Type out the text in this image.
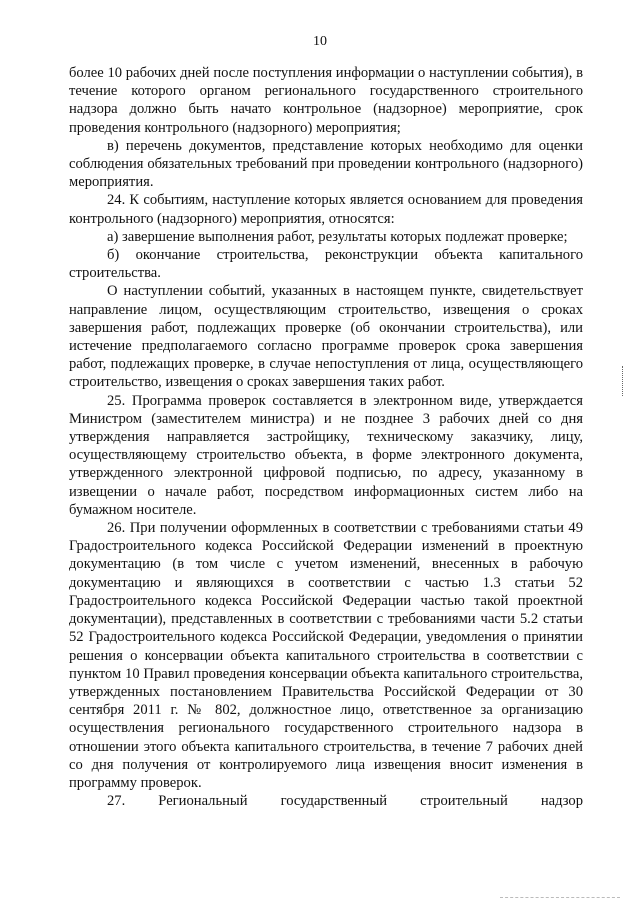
10

более 10 рабочих дней после поступления информации о наступлении события), в течение которого органом регионального государственного строительного надзора должно быть начато контрольное (надзорное) мероприятие, срок проведения контрольного (надзорного) мероприятия;

в) перечень документов, представление которых необходимо для оценки соблюдения обязательных требований при проведении контрольного (надзорного) мероприятия.

24. К событиям, наступление которых является основанием для проведения контрольного (надзорного) мероприятия, относятся:

а) завершение выполнения работ, результаты которых подлежат проверке;

б) окончание строительства, реконструкции объекта капитального строительства.

О наступлении событий, указанных в настоящем пункте, свидетельствует направление лицом, осуществляющим строительство, извещения о сроках завершения работ, подлежащих проверке (об окончании строительства), или истечение предполагаемого согласно программе проверок срока завершения работ, подлежащих проверке, в случае непоступления от лица, осуществляющего строительство, извещения о сроках завершения таких работ.

25. Программа проверок составляется в электронном виде, утверждается Министром (заместителем министра) и не позднее 3 рабочих дней со дня утверждения направляется застройщику, техническому заказчику, лицу, осуществляющему строительство объекта, в форме электронного документа, утвержденного электронной цифровой подписью, по адресу, указанному в извещении о начале работ, посредством информационных систем либо на бумажном носителе.

26. При получении оформленных в соответствии с требованиями статьи 49 Градостроительного кодекса Российской Федерации изменений в проектную документацию (в том числе с учетом изменений, внесенных в рабочую документацию и являющихся в соответствии с частью 1.3 статьи 52 Градостроительного кодекса Российской Федерации частью такой проектной документации), представленных в соответствии с требованиями части 5.2 статьи 52 Градостроительного кодекса Российской Федерации, уведомления о принятии решения о консервации объекта капитального строительства в соответствии с пунктом 10 Правил проведения консервации объекта капитального строительства, утвержденных постановлением Правительства Российской Федерации от 30 сентября 2011 г. № 802, должностное лицо, ответственное за организацию осуществления регионального государственного строительного надзора в отношении этого объекта капитального строительства, в течение 7 рабочих дней со дня получения от контролируемого лица извещения вносит изменения в программу проверок.

27. Региональный государственный строительный надзор
